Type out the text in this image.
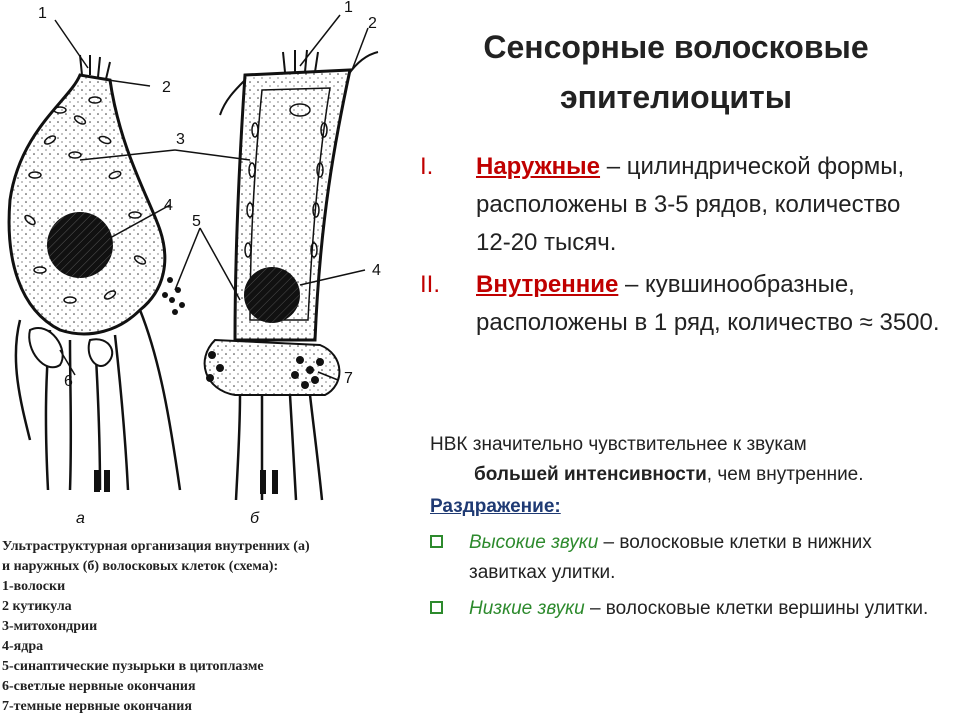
1
2
3
4
5
6
1
2
4
7
а	б
Ультраструктурная организация внутренних (а)
и наружных (б) волосковых клеток (схема):
1-волоски
2 кутикула
3-митохондрии
4-ядра
5-синаптические пузырьки в цитоплазме
6-светлые нервные окончания
7-темные нервные окончания
Сенсорные волосковые эпителиоциты
I.	Наружные – цилиндрической формы, расположены в 3-5 рядов, количество 12-20 тысяч.
II.	Внутренние – кувшинообразные, расположены в 1 ряд, количество ≈ 3500.
НВК значительно чувствительнее к звукам
большей интенсивности, чем внутренние.
Раздражение:
Высокие звуки – волосковые клетки в нижних завитках улитки.
Низкие звуки – волосковые клетки вершины улитки.
